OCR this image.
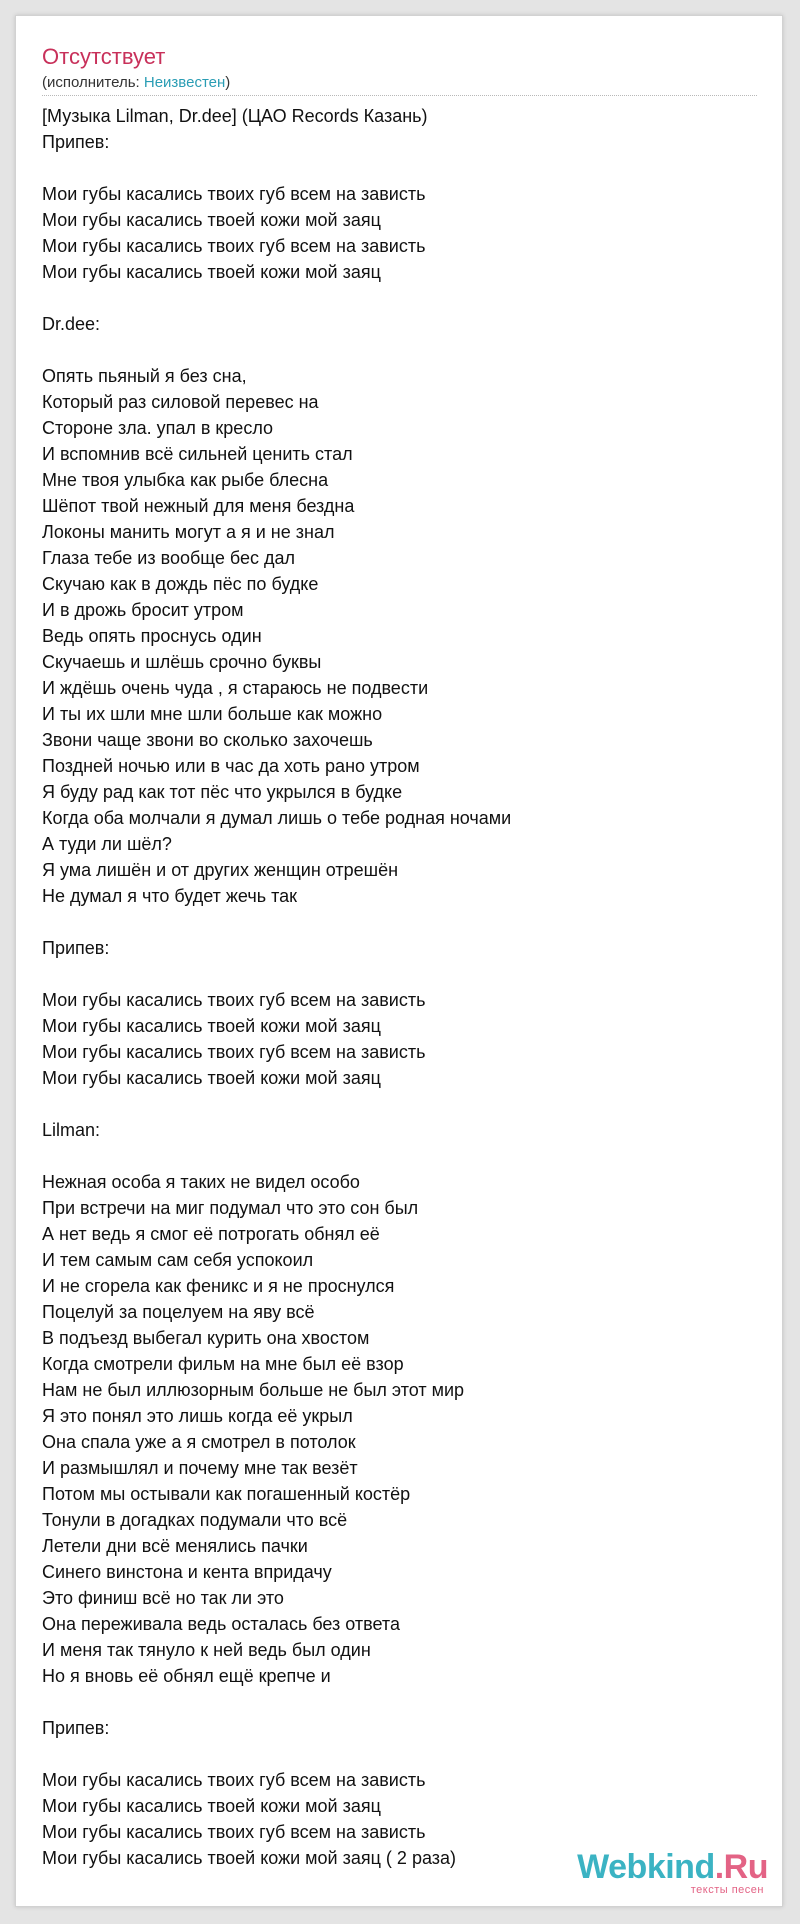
Отсутствует
(исполнитель: Неизвестен)
[Музыка Lilman, Dr.dee] (ЦАО Records Казань)
Припев:
Мои губы касались твоих губ всем на зависть
Мои губы касались твоей кожи мой заяц
Мои губы касались твоих губ всем на зависть
Мои губы касались твоей кожи мой заяц
Dr.dee:
Опять пьяный я без сна,
Который раз силовой перевес на
Стороне зла. упал в кресло
И вспомнив всё сильней ценить стал
Мне твоя улыбка как рыбе блесна
Шёпот твой нежный для меня бездна
Локоны манить могут а я и не знал
Глаза тебе из вообще бес дал
Скучаю как в дождь пёс по будке
И в дрожь бросит утром
Ведь опять проснусь один
Скучаешь и шлёшь срочно буквы
И ждёшь очень чуда , я стараюсь не подвести
И ты их шли мне шли больше как можно
Звони чаще звони во сколько захочешь
Поздней ночью или в час да хоть рано утром
Я буду рад как тот пёс что укрылся в будке
Когда оба молчали я думал лишь о тебе родная ночами
А туди ли шёл?
Я ума лишён и от других женщин отрешён
Не думал я что будет жечь так
Припев:
Мои губы касались твоих губ всем на зависть
Мои губы касались твоей кожи мой заяц
Мои губы касались твоих губ всем на зависть
Мои губы касались твоей кожи мой заяц
Lilman:
Нежная особа я таких не видел особо
При встречи на миг подумал что это сон был
А нет ведь я смог её потрогать обнял её
И тем самым сам себя успокоил
И не сгорела как феникс и я не проснулся
Поцелуй за поцелуем на яву всё
В подъезд выбегал курить она хвостом
Когда смотрели фильм на мне был её взор
Нам не был иллюзорным больше не был этот мир
Я это понял это лишь когда её укрыл
Она спала уже а я смотрел в потолок
И размышлял и почему мне так везёт
Потом мы остывали как погашенный костёр
Тонули в догадках подумали что всё
Летели дни всё менялись пачки
Синего винстона и кента впридачу
Это финиш всё но так ли это
Она переживала ведь осталась без ответа
И меня так тянуло к ней ведь был один
Но я вновь её обнял ещё крепче и
Припев:
Мои губы касались твоих губ всем на зависть
Мои губы касались твоей кожи мой заяц
Мои губы касались твоих губ всем на зависть
Мои губы касались твоей кожи мой заяц ( 2 раза)	Webkind.Ru
тексты песен
